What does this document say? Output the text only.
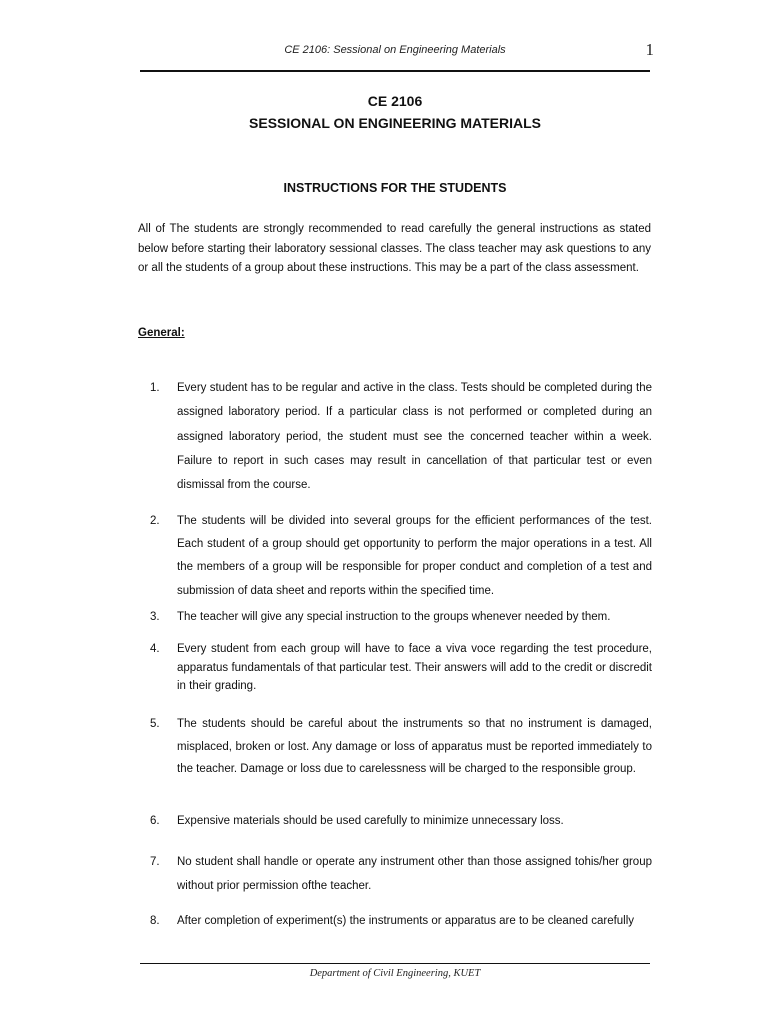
CE 2106: Sessional on Engineering Materials	1
CE 2106
SESSIONAL ON ENGINEERING MATERIALS
INSTRUCTIONS FOR THE STUDENTS

All of The students are strongly recommended to read carefully the general instructions as stated below before starting their laboratory sessional classes. The class teacher may ask questions to any or all the students of a group about these instructions. This may be a part of the class assessment.

General:
1.	Every student has to be regular and active in the class. Tests should be completed during the assigned laboratory period. If a particular class is not performed or completed during an assigned laboratory period, the student must see the concerned teacher within a week. Failure to report in such cases may result in cancellation of that particular test or even dismissal from the course.
2.	The students will be divided into several groups for the efficient performances of the test. Each student of a group should get opportunity to perform the major operations in a test. All the members of a group will be responsible for proper conduct and completion of a test and submission of data sheet and reports within the specified time.
3.	The teacher will give any special instruction to the groups whenever needed by them.
4.	Every student from each group will have to face a viva voce regarding the test procedure, apparatus fundamentals of that particular test. Their answers will add to the credit or discredit in their grading.
5.	The students should be careful about the instruments so that no instrument is damaged, misplaced, broken or lost. Any damage or loss of apparatus must be reported immediately to the teacher. Damage or loss due to carelessness will be charged to the responsible group.
6.	Expensive materials should be used carefully to minimize unnecessary loss.
7.	No student shall handle or operate any instrument other than those assigned tohis/her group without prior permission ofthe teacher.
8.	After completion of experiment(s) the instruments or apparatus are to be cleaned carefully
Department of Civil Engineering, KUET
